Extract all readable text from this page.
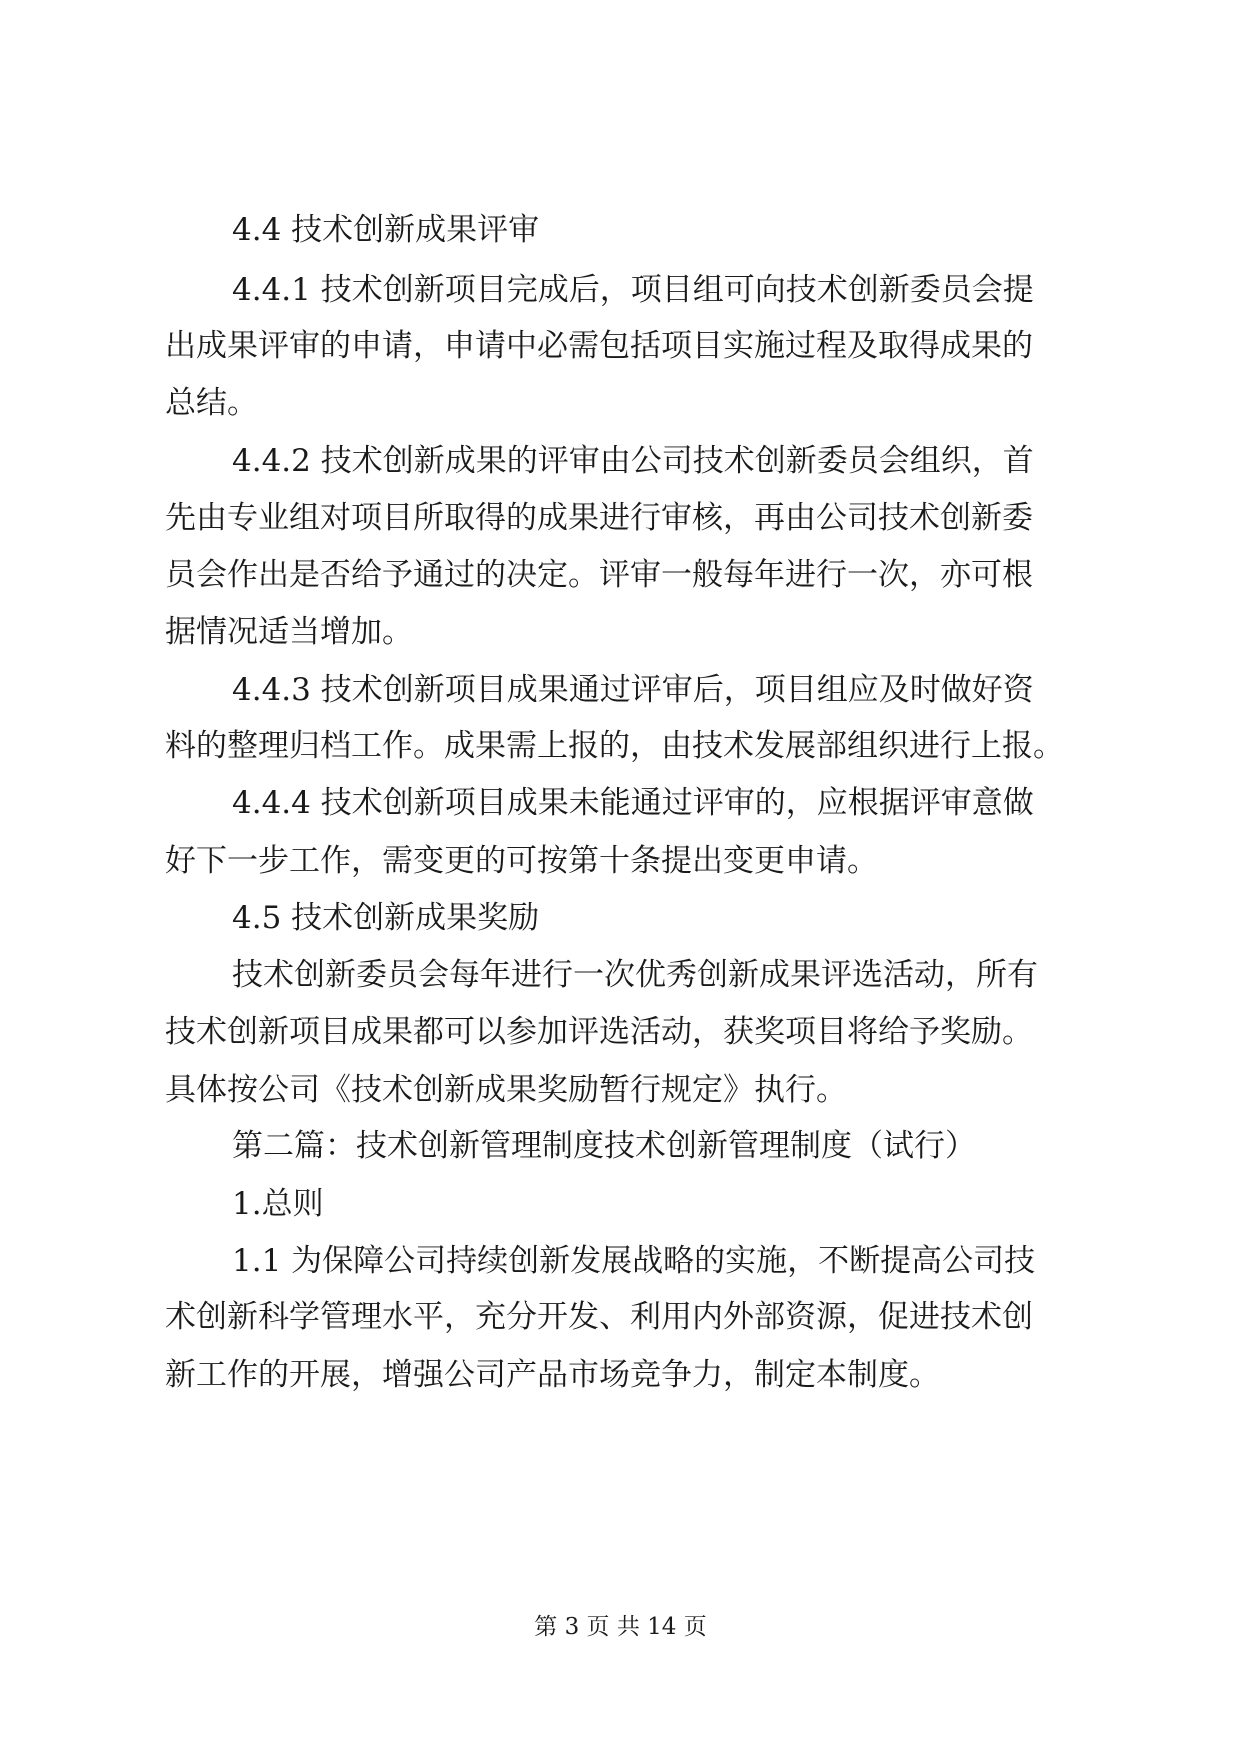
4.4 技术创新成果评审

4.4.1 技术创新项目完成后，项目组可向技术创新委员会提

出成果评审的申请，申请中必需包括项目实施过程及取得成果的

总结。

4.4.2 技术创新成果的评审由公司技术创新委员会组织，首

先由专业组对项目所取得的成果进行审核，再由公司技术创新委

员会作出是否给予通过的决定。评审一般每年进行一次，亦可根

据情况适当增加。

4.4.3 技术创新项目成果通过评审后，项目组应及时做好资

料的整理归档工作。成果需上报的，由技术发展部组织进行上报。

4.4.4 技术创新项目成果未能通过评审的，应根据评审意做

好下一步工作，需变更的可按第十条提出变更申请。

4.5 技术创新成果奖励

技术创新委员会每年进行一次优秀创新成果评选活动，所有

技术创新项目成果都可以参加评选活动，获奖项目将给予奖励。

具体按公司《技术创新成果奖励暂行规定》执行。

第二篇：技术创新管理制度技术创新管理制度（试行）

1.总则

1.1 为保障公司持续创新发展战略的实施，不断提高公司技

术创新科学管理水平，充分开发、利用内外部资源，促进技术创

新工作的开展，增强公司产品市场竞争力，制定本制度。

第 3 页 共 14 页
